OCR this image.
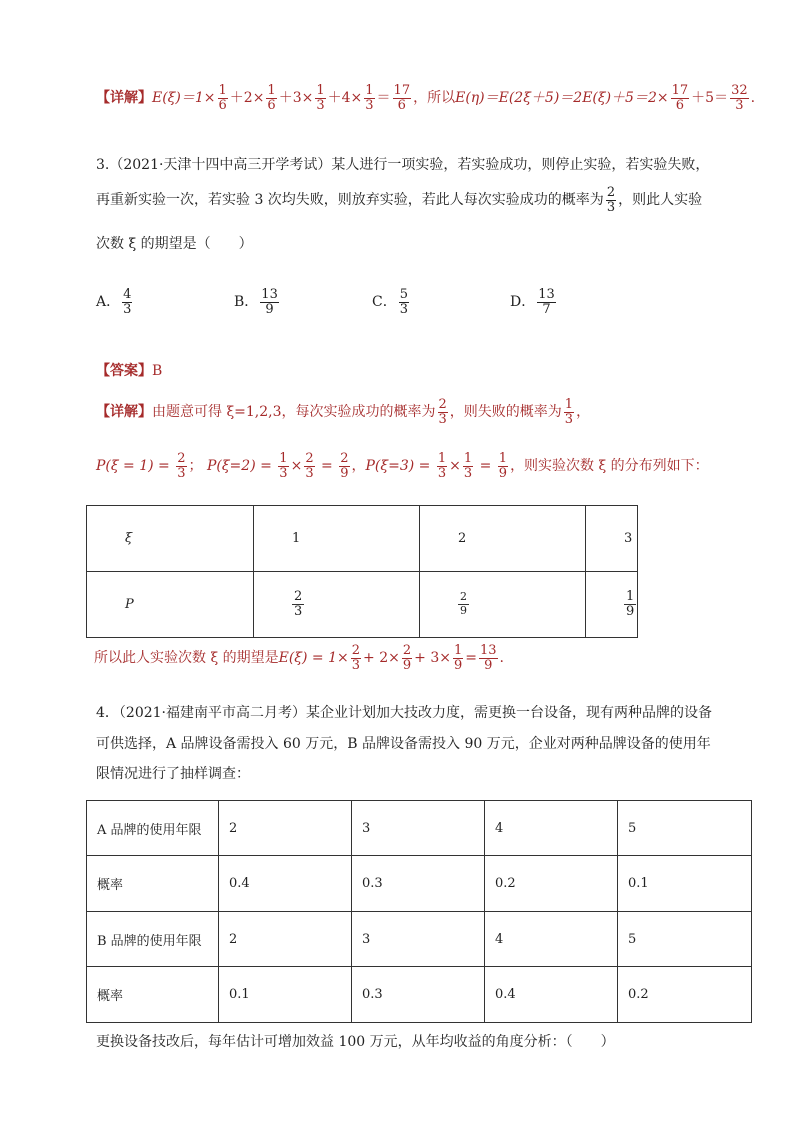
【详解】$E(\xi)=1\times \frac{1}{6} +2\times \frac{1}{6} +3\times \frac{1}{3} +4\times \frac{1}{3} = \frac{17}{6}$ ，所以$E(\eta)=E(2\xi+5)=2E(\xi)+5=2\times \frac{17}{6} +5= \frac{32}{3}$ .
3.（2021·天津十四中高三开学考试）某人进行一项实验，若实验成功，则停止实验，若实验失败，
再重新实验一次，若实验 3 次均失败，则放弃实验，若此人每次实验成功的概率为 $\frac{2}{3}$ ，则此人实验
次数 ξ 的期望是（　　）
A． $\frac{4}{3}$	B． $\frac{13}{9}$	C． $\frac{5}{3}$	D． $\frac{13}{7}$
【答案】B
【详解】由题意可得 ξ=1,2,3，每次实验成功的概率为 $\frac{2}{3}$ ，则失败的概率为 $\frac{1}{3}$ ，
$P(\xi = 1) = \frac{2}{3}$ ； $P(\xi=2) = \frac{1}{3} \times \frac{2}{3} = \frac{2}{9}$ ，$P(\xi=3) = \frac{1}{3} \times \frac{1}{3} = \frac{1}{9}$ ，则实验次数 ξ 的分布列如下：
ξ	1	2	3
P	$\frac{2}{3}$	$\frac{2}{9}$	$\frac{1}{9}$
所以此人实验次数 ξ 的期望是$E(\xi) = 1\times \frac{2}{3} + 2\times \frac{2}{9} + 3\times \frac{1}{9} = \frac{13}{9}$ .
4．（2021·福建南平市高二月考）某企业计划加大技改力度，需更换一台设备，现有两种品牌的设备
可供选择，A 品牌设备需投入 60 万元，B 品牌设备需投入 90 万元，企业对两种品牌设备的使用年
限情况进行了抽样调查：
A 品牌的使用年限	2	3	4	5
概率	0.4	0.3	0.2	0.1
B 品牌的使用年限	2	3	4	5
概率	0.1	0.3	0.4	0.2
更换设备技改后，每年估计可增加效益 100 万元，从年均收益的角度分析：（　　）
